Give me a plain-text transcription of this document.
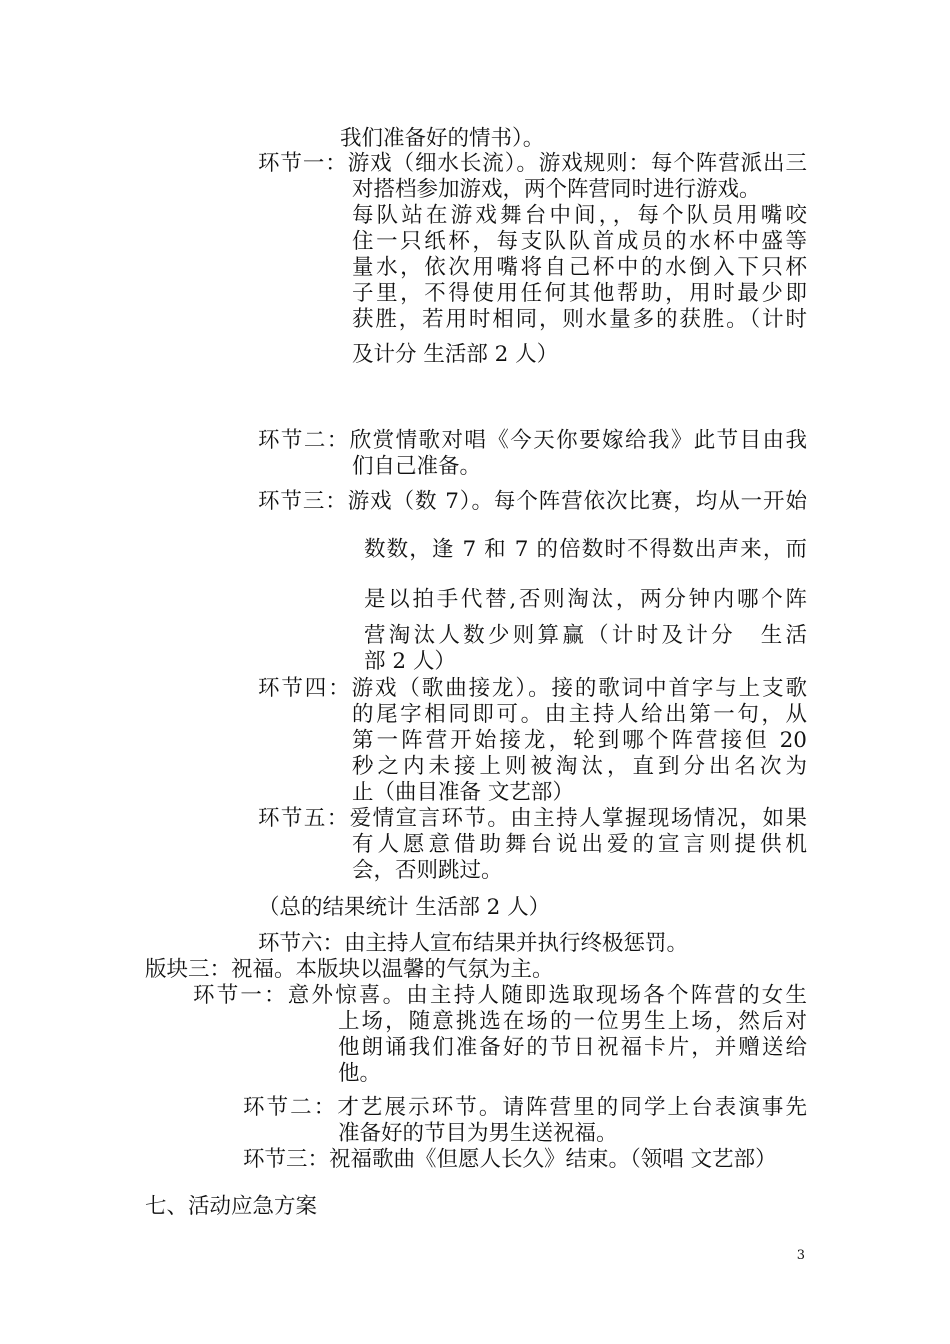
我们准备好的情书）。

环节一：游戏（细水长流）。游戏规则：每个阵营派出三

对搭档参加游戏，两个阵营同时进行游戏。

每队站在游戏舞台中间，，每个队员用嘴咬

住一只纸杯，每支队队首成员的水杯中盛等

量水，依次用嘴将自己杯中的水倒入下只杯

子里，不得使用任何其他帮助，用时最少即

获胜，若用时相同，则水量多的获胜。（计时

及计分 生活部 2 人）

环节二：欣赏情歌对唱《今天你要嫁给我》此节目由我

们自己准备。

环节三：游戏（数 7）。每个阵营依次比赛，均从一开始

数数，逢 7 和 7 的倍数时不得数出声来，而

是以拍手代替,否则淘汰，两分钟内哪个阵

营淘汰人数少则算赢（计时及计分　生活

部 2 人）

环节四：游戏（歌曲接龙）。接的歌词中首字与上支歌

的尾字相同即可。由主持人给出第一句，从

第一阵营开始接龙，轮到哪个阵营接但 20

秒之内未接上则被淘汰，直到分出名次为

止（曲目准备 文艺部）

环节五：爱情宣言环节。由主持人掌握现场情况，如果

有人愿意借助舞台说出爱的宣言则提供机

会，否则跳过。

（总的结果统计 生活部 2 人）

环节六：由主持人宣布结果并执行终极惩罚。

版块三：祝福。本版块以温馨的气氛为主。

环节一：意外惊喜。由主持人随即选取现场各个阵营的女生

上场，随意挑选在场的一位男生上场，然后对

他朗诵我们准备好的节日祝福卡片，并赠送给

他。

环节二：才艺展示环节。请阵营里的同学上台表演事先

准备好的节目为男生送祝福。

环节三：祝福歌曲《但愿人长久》结束。（领唱 文艺部）

七、活动应急方案

3
